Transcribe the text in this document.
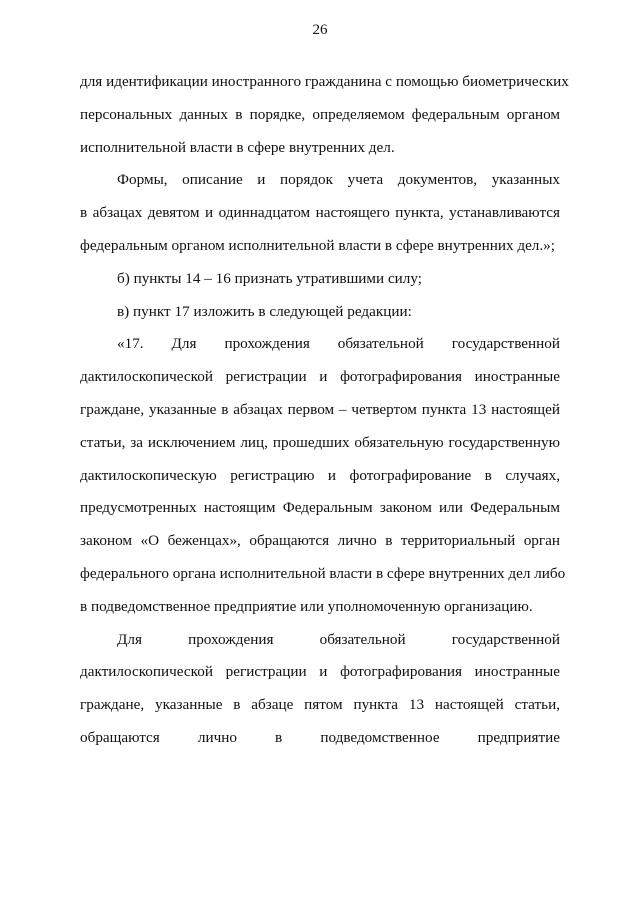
26
для идентификации иностранного гражданина с помощью биометрических
персональных данных в порядке, определяемом федеральным органом
исполнительной власти в сфере внутренних дел.
Формы, описание и порядок учета документов, указанных
в абзацах девятом и одиннадцатом настоящего пункта, устанавливаются
федеральным органом исполнительной власти в сфере внутренних дел.»;
б) пункты 14 – 16 признать утратившими силу;
в) пункт 17 изложить в следующей редакции:
«17. Для прохождения обязательной государственной
дактилоскопической регистрации и фотографирования иностранные
граждане, указанные в абзацах первом – четвертом пункта 13 настоящей
статьи, за исключением лиц, прошедших обязательную государственную
дактилоскопическую регистрацию и фотографирование в случаях,
предусмотренных настоящим Федеральным законом или Федеральным
законом «О беженцах», обращаются лично в территориальный орган
федерального органа исполнительной власти в сфере внутренних дел либо
в подведомственное предприятие или уполномоченную организацию.
Для прохождения обязательной государственной
дактилоскопической регистрации и фотографирования иностранные
граждане, указанные в абзаце пятом пункта 13 настоящей статьи,
обращаются лично в подведомственное предприятие
